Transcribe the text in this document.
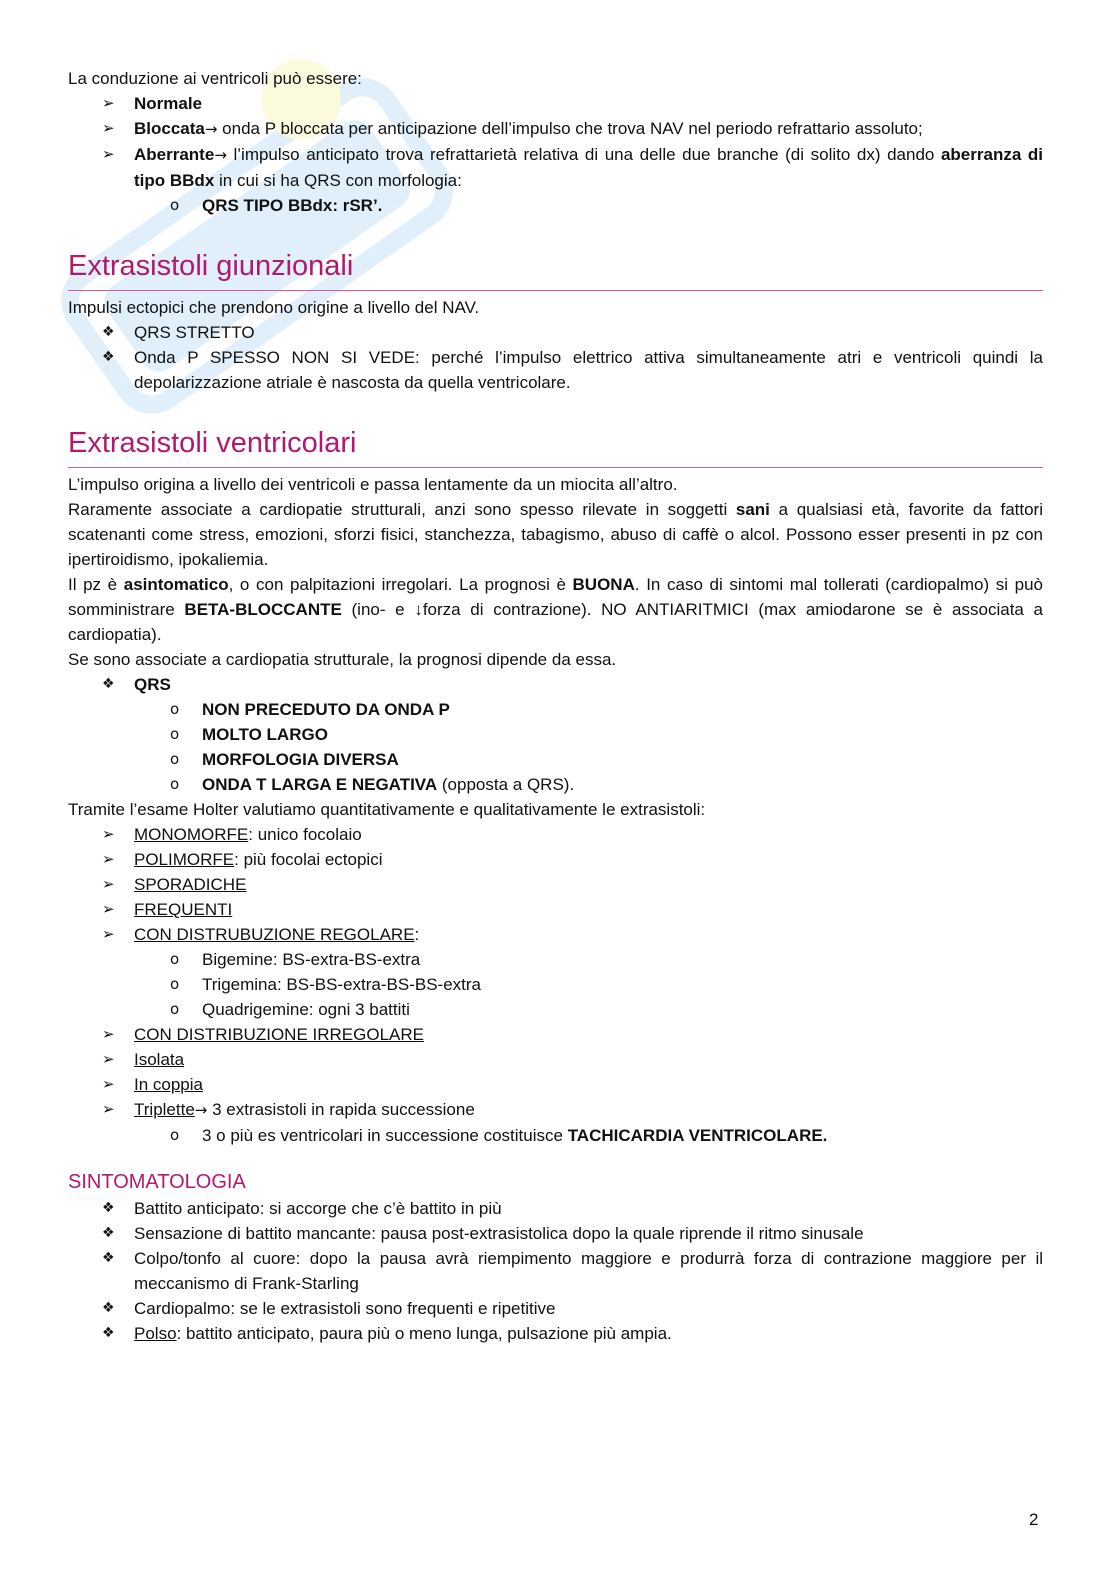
La conduzione ai ventricoli può essere:

➢	Normale
➢	Bloccata→ onda P bloccata per anticipazione dell’impulso che trova NAV nel periodo refrattario assoluto;
➢	Aberrante→ l’impulso anticipato trova refrattarietà relativa di una delle due branche (di solito dx) dando aberranza di tipo BBdx in cui si ha QRS con morfologia:
o	QRS TIPO BBdx: rSR’.
Extrasistoli giunzionali

Impulsi ectopici che prendono origine a livello del NAV.

❖	QRS STRETTO
❖	Onda P SPESSO NON SI VEDE: perché l’impulso elettrico attiva simultaneamente atri e ventricoli quindi la depolarizzazione atriale è nascosta da quella ventricolare.
Extrasistoli ventricolari

L’impulso origina a livello dei ventricoli e passa lentamente da un miocita all’altro.

Raramente associate a cardiopatie strutturali, anzi sono spesso rilevate in soggetti sani a qualsiasi età, favorite da fattori scatenanti come stress, emozioni, sforzi fisici, stanchezza, tabagismo, abuso di caffè o alcol. Possono esser presenti in pz con ipertiroidismo, ipokaliemia.

Il pz è asintomatico, o con palpitazioni irregolari. La prognosi è BUONA. In caso di sintomi mal tollerati (cardiopalmo) si può somministrare BETA-BLOCCANTE (ino- e ↓forza di contrazione). NO ANTIARITMICI (max amiodarone se è associata a cardiopatia).

Se sono associate a cardiopatia strutturale, la prognosi dipende da essa.

❖	QRS
o	NON PRECEDUTO DA ONDA P
o	MOLTO LARGO
o	MORFOLOGIA DIVERSA
o	ONDA T LARGA E NEGATIVA (opposta a QRS).

Tramite l’esame Holter valutiamo quantitativamente e qualitativamente le extrasistoli:

➢	MONOMORFE: unico focolaio
➢	POLIMORFE: più focolai ectopici
➢	SPORADICHE
➢	FREQUENTI
➢	CON DISTRUBUZIONE REGOLARE:
o	Bigemine: BS-extra-BS-extra
o	Trigemina: BS-BS-extra-BS-BS-extra
o	Quadrigemine: ogni 3 battiti
➢	CON DISTRIBUZIONE IRREGOLARE
➢	Isolata
➢	In coppia
➢	Triplette→ 3 extrasistoli in rapida successione
o	3 o più es ventricolari in successione costituisce TACHICARDIA VENTRICOLARE.
SINTOMATOLOGIA
❖	Battito anticipato: si accorge che c’è battito in più
❖	Sensazione di battito mancante: pausa post-extrasistolica dopo la quale riprende il ritmo sinusale
❖	Colpo/tonfo al cuore: dopo la pausa avrà riempimento maggiore e produrrà forza di contrazione maggiore per il meccanismo di Frank-Starling
❖	Cardiopalmo: se le extrasistoli sono frequenti e ripetitive
❖	Polso: battito anticipato, paura più o meno lunga, pulsazione più ampia.
2
